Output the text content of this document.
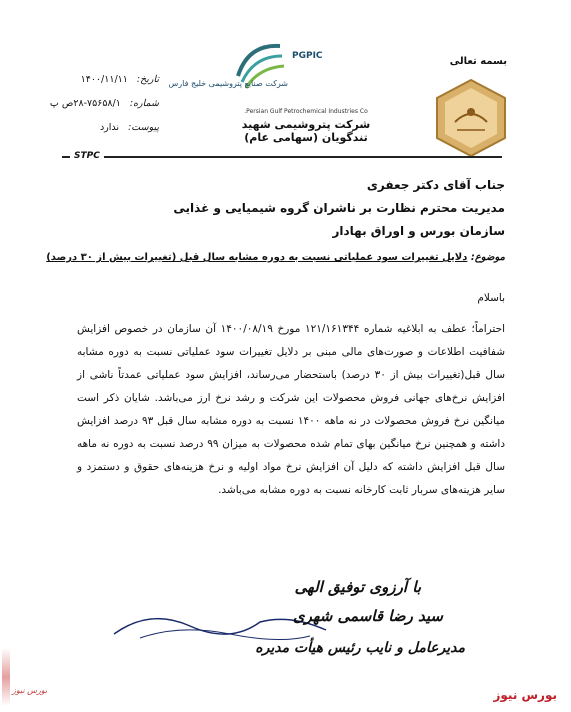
بسمه تعالی
PGPIC
شرکت صنایع پتروشیمی خلیج فارس
Persian Gulf Petrochemical Industries Co.
شرکت پتروشیمی شهید تندگویان (سهامی عام)
تاریخ: ۱۴۰۰/۱۱/۱۱
شماره: ۷۵۶۵۸/۱-۲۸ص پ
پیوست: ندارد
STPC
جناب آقای دکتر جعفری
مدیریت محترم نظارت بر ناشران گروه شیمیایی و غذایی
سازمان بورس و اوراق بهادار
موضوع: دلایل تغییرات سود عملیاتی نسبت به دوره مشابه سال قبل (تغییرات بیش از ۳۰ درصد)
باسلام
احتراماً؛ عطف به ابلاغیه شماره ۱۲۱/۱۶۱۳۴۴ مورخ ۱۴۰۰/۰۸/۱۹ آن سازمان در خصوص افزایش شفافیت اطلاعات و صورت‌های مالی مبنی بر دلایل تغییرات سود عملیاتی نسبت به دوره مشابه سال قبل(تغییرات بیش از ۳۰ درصد) باستحضار می‌رساند، افزایش سود عملیاتی عمدتاً ناشی از افزایش نرخ‌های جهانی فروش محصولات این شرکت و رشد نرخ ارز می‌باشد. شایان ذکر است میانگین نرخ فروش محصولات در نه ماهه ۱۴۰۰ نسبت به دوره مشابه سال قبل ۹۳ درصد افزایش داشته و همچنین نرخ میانگین بهای تمام شده محصولات به میزان ۹۹ درصد نسبت به دوره نه ماهه سال قبل افزایش داشته که دلیل آن افزایش نرخ مواد اولیه و نرخ هزینه‌های حقوق و دستمزد و سایر هزینه‌های سربار ثابت کارخانه نسبت به دوره مشابه می‌باشد.
با آرزوی توفیق الهی
سید رضا قاسمی شهری
مدیرعامل و نایب رئیس هیأت مدیره
بورس نیوز	بورس نیوز
